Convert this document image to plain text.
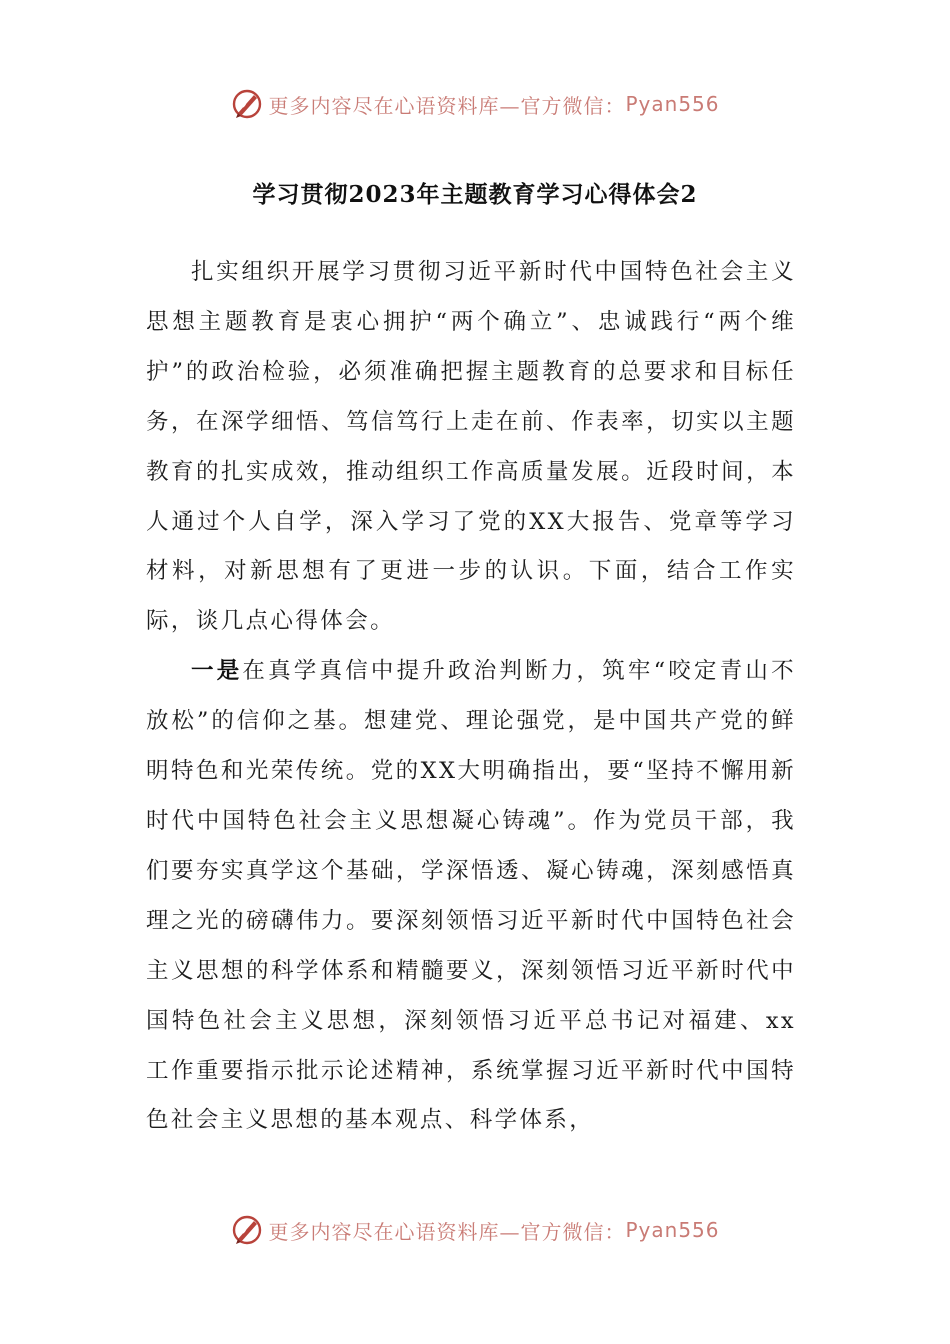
更多内容尽在心语资料库—官方微信： Pyan556
学习贯彻2023年主题教育学习心得体会2

扎实组织开展学习贯彻习近平新时代中国特色社会主义思想主题教育是衷心拥护“两个确立”、忠诚践行“两个维护”的政治检验，必须准确把握主题教育的总要求和目标任务，在深学细悟、笃信笃行上走在前、作表率，切实以主题教育的扎实成效，推动组织工作高质量发展。近段时间，本人通过个人自学，深入学习了党的XX大报告、党章等学习材料，对新思想有了更进一步的认识。下面，结合工作实际，谈几点心得体会。

一是在真学真信中提升政治判断力，筑牢“咬定青山不放松”的信仰之基。想建党、理论强党，是中国共产党的鲜明特色和光荣传统。党的XX大明确指出，要“坚持不懈用新时代中国特色社会主义思想凝心铸魂”。作为党员干部，我们要夯实真学这个基础，学深悟透、凝心铸魂，深刻感悟真理之光的磅礴伟力。要深刻领悟习近平新时代中国特色社会主义思想的科学体系和精髓要义，深刻领悟习近平新时代中国特色社会主义思想，深刻领悟习近平总书记对福建、xx工作重要指示批示论述精神，系统掌握习近平新时代中国特色社会主义思想的基本观点、科学体系，

更多内容尽在心语资料库—官方微信： Pyan556
